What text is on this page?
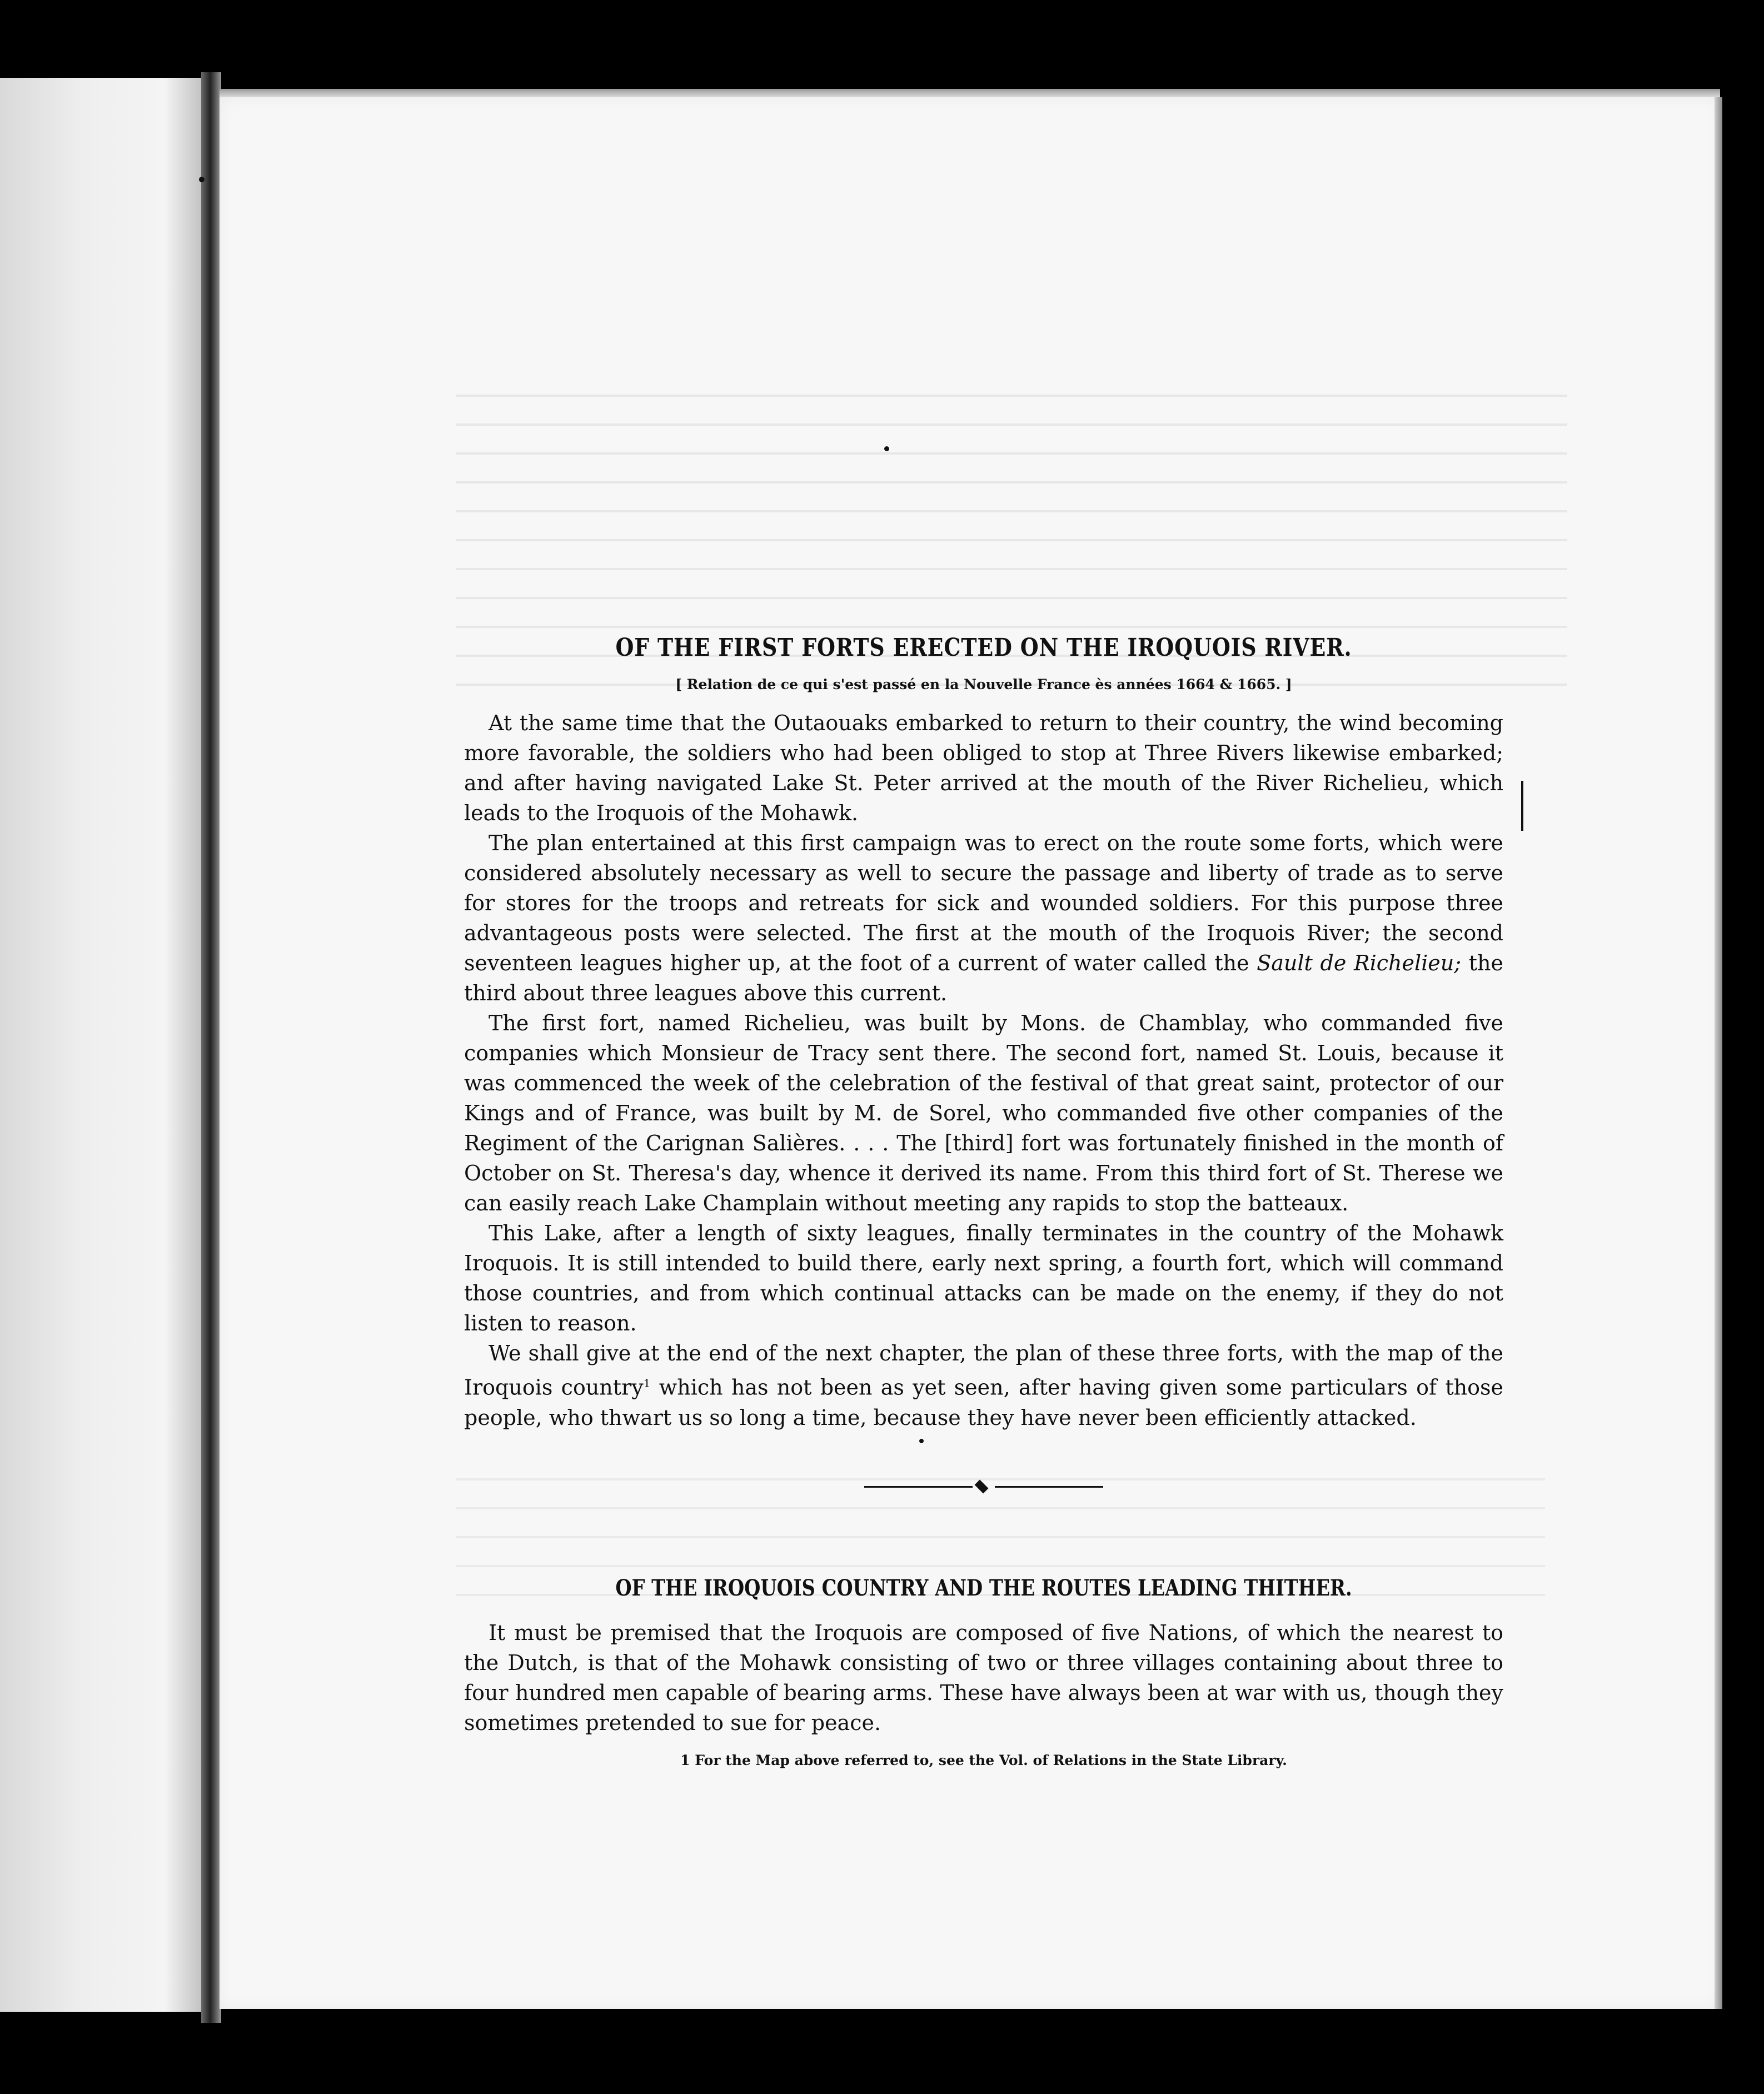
OF THE FIRST FORTS ERECTED ON THE IROQUOIS RIVER.
[ Relation de ce qui s'est passé en la Nouvelle France ès années 1664 & 1665. ]

At the same time that the Outaouaks embarked to return to their country, the wind becoming more favorable, the soldiers who had been obliged to stop at Three Rivers likewise embarked; and after having navigated Lake St. Peter arrived at the mouth of the River Richelieu, which leads to the Iroquois of the Mohawk.

The plan entertained at this first campaign was to erect on the route some forts, which were considered absolutely necessary as well to secure the passage and liberty of trade as to serve for stores for the troops and retreats for sick and wounded soldiers. For this purpose three advantageous posts were selected. The first at the mouth of the Iroquois River; the second seventeen leagues higher up, at the foot of a current of water called the Sault de Richelieu; the third about three leagues above this current.

The first fort, named Richelieu, was built by Mons. de Chamblay, who commanded five companies which Monsieur de Tracy sent there. The second fort, named St. Louis, because it was commenced the week of the celebration of the festival of that great saint, protector of our Kings and of France, was built by M. de Sorel, who commanded five other companies of the Regiment of the Carignan Salières. . . . The [third] fort was fortunately finished in the month of October on St. Theresa's day, whence it derived its name. From this third fort of St. Therese we can easily reach Lake Champlain without meeting any rapids to stop the batteaux.

This Lake, after a length of sixty leagues, finally terminates in the country of the Mohawk Iroquois. It is still intended to build there, early next spring, a fourth fort, which will command those countries, and from which continual attacks can be made on the enemy, if they do not listen to reason.

We shall give at the end of the next chapter, the plan of these three forts, with the map of the Iroquois country$^1$ which has not been as yet seen, after having given some particulars of those people, who thwart us so long a time, because they have never been efficiently attacked.

OF THE IROQUOIS COUNTRY AND THE ROUTES LEADING THITHER.

It must be premised that the Iroquois are composed of five Nations, of which the nearest to the Dutch, is that of the Mohawk consisting of two or three villages containing about three to four hundred men capable of bearing arms. These have always been at war with us, though they sometimes pretended to sue for peace.

1 For the Map above referred to, see the Vol. of Relations in the State Library.
